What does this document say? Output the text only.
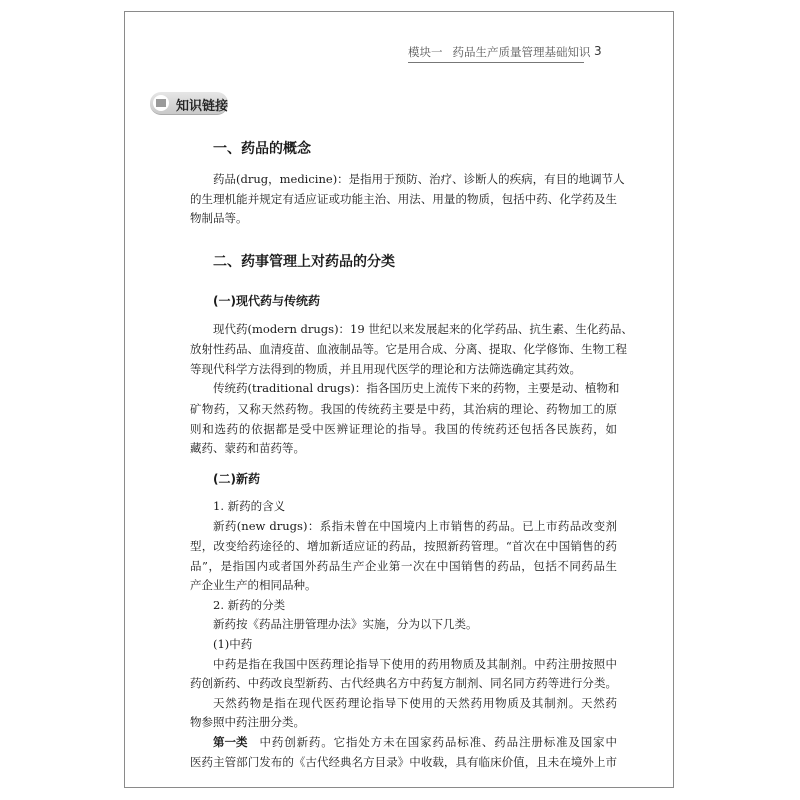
模块一 药品生产质量管理基础知识 3
知识链接
一、药品的概念
药品(drug，medicine)：是指用于预防、治疗、诊断人的疾病，有目的地调节人
的生理机能并规定有适应证或功能主治、用法、用量的物质，包括中药、化学药及生
物制品等。
二、药事管理上对药品的分类
(一)现代药与传统药
现代药(modern drugs)：19 世纪以来发展起来的化学药品、抗生素、生化药品、
放射性药品、血清疫苗、血液制品等。它是用合成、分离、提取、化学修饰、生物工程
等现代科学方法得到的物质，并且用现代医学的理论和方法筛选确定其药效。
传统药(traditional drugs)：指各国历史上流传下来的药物，主要是动、植物和
矿物药，又称天然药物。我国的传统药主要是中药，其治病的理论、药物加工的原
则和选药的依据都是受中医辨证理论的指导。我国的传统药还包括各民族药，如
藏药、蒙药和苗药等。
(二)新药
1. 新药的含义
新药(new drugs)：系指未曾在中国境内上市销售的药品。已上市药品改变剂
型，改变给药途径的、增加新适应证的药品，按照新药管理。“首次在中国销售的药
品”，是指国内或者国外药品生产企业第一次在中国销售的药品，包括不同药品生
产企业生产的相同品种。
2. 新药的分类
新药按《药品注册管理办法》实施，分为以下几类。
(1)中药
中药是指在我国中医药理论指导下使用的药用物质及其制剂。中药注册按照中
药创新药、中药改良型新药、古代经典名方中药复方制剂、同名同方药等进行分类。
天然药物是指在现代医药理论指导下使用的天然药用物质及其制剂。天然药
物参照中药注册分类。
第一类 中药创新药。它指处方未在国家药品标准、药品注册标准及国家中
医药主管部门发布的《古代经典名方目录》中收载，具有临床价值，且未在境外上市
